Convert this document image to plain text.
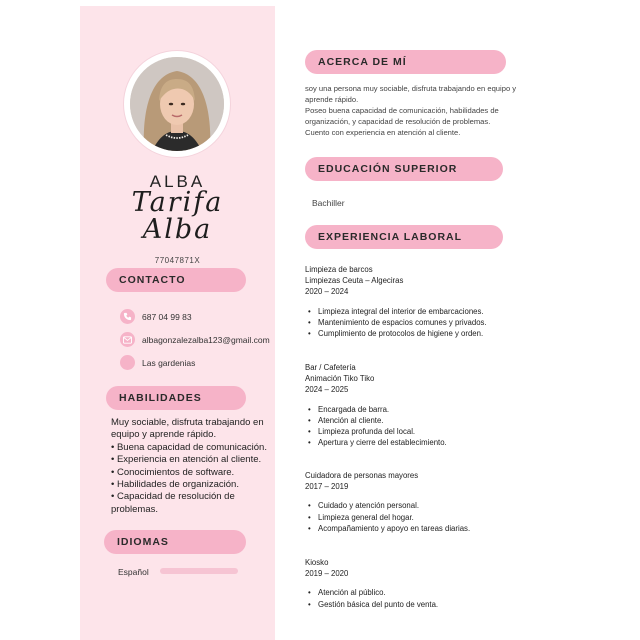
ALBA
Tarifa
Alba
77047871X
CONTACTO
687 04 99 83
albagonzalezalba123@gmail.com
Las gardenias
HABILIDADES
Muy sociable, disfruta trabajando en equipo y aprende rápido.
• Buena capacidad de comunicación.
• Experiencia en atención al cliente.
• Conocimientos de software.
• Habilidades de organización.
• Capacidad de resolución de problemas.
IDIOMAS
Español
ACERCA DE MÍ
soy una persona muy sociable, disfruta trabajando en equipo y aprende rápido.
Poseo buena capacidad de comunicación, habilidades de organización, y capacidad de resolución de problemas.
Cuento con experiencia en atención al cliente.
EDUCACIÓN SUPERIOR
Bachiller
EXPERIENCIA LABORAL
Limpieza de barcos
Limpiezas Ceuta – Algeciras
2020 – 2024
• Limpieza integral del interior de embarcaciones.
• Mantenimiento de espacios comunes y privados.
• Cumplimiento de protocolos de higiene y orden.
Bar / Cafetería
Animación Tiko Tiko
2024 – 2025
• Encargada de barra.
• Atención al cliente.
• Limpieza profunda del local.
• Apertura y cierre del establecimiento.
Cuidadora de personas mayores
2017 – 2019
• Cuidado y atención personal.
• Limpieza general del hogar.
• Acompañamiento y apoyo en tareas diarias.
Kiosko
2019 – 2020
• Atención al público.
• Gestión básica del punto de venta.
